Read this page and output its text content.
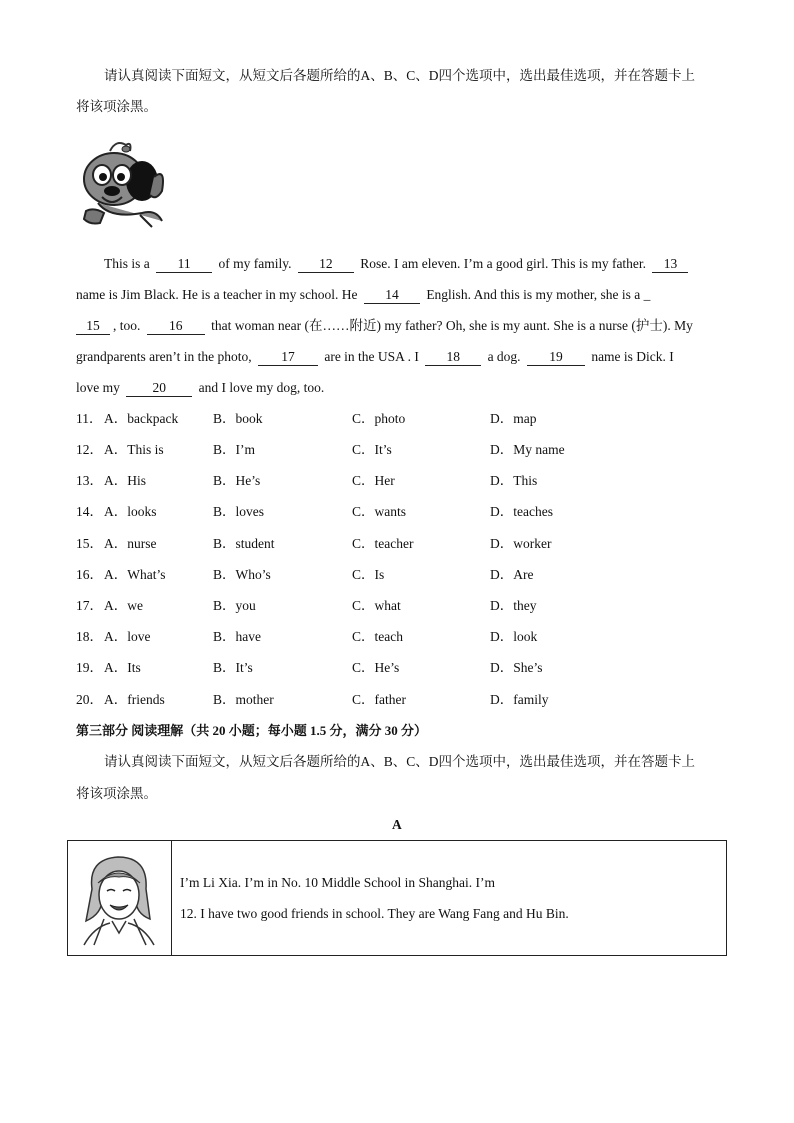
请认真阅读下面短文，从短文后各题所给的A、B、C、D四个选项中，选出最佳选项，并在答题卡上
将该项涂黑。
This is a 11 of my family. 12 Rose. I am eleven. I’m a good girl. This is my father. 13
name is Jim Black. He is a teacher in my school. He 14 English. And this is my mother, she is a _
15 , too. 16 that woman near (在……附近) my father? Oh, she is my aunt. She is a nurse (护士). My
grandparents aren’t in the photo, 17 are in the USA . I 18 a dog. 19 name is Dick. I
love my 20 and I love my dog, too.
11． A．backpack	B．book	C．photo	D．map
12． A．This is	B．I’m	C．It’s	D．My name
13． A．His	B．He’s	C．Her	D．This
14． A．looks	B．loves	C．wants	D．teaches
15． A．nurse	B．student	C．teacher	D．worker
16． A．What’s	B．Who’s	C．Is	D．Are
17． A．we	B．you	C．what	D．they
18． A．love	B．have	C．teach	D．look
19． A．Its	B．It’s	C．He’s	D．She’s
20． A．friends	B．mother	C．father	D．family
第三部分 阅读理解（共 20 小题；每小题 1.5 分，满分 30 分）
请认真阅读下面短文，从短文后各题所给的A、B、C、D四个选项中，选出最佳选项，并在答题卡上
将该项涂黑。
A
I’m Li Xia. I’m in No. 10 Middle School in Shanghai. I’m
12. I have two good friends in school. They are Wang Fang and Hu Bin.
